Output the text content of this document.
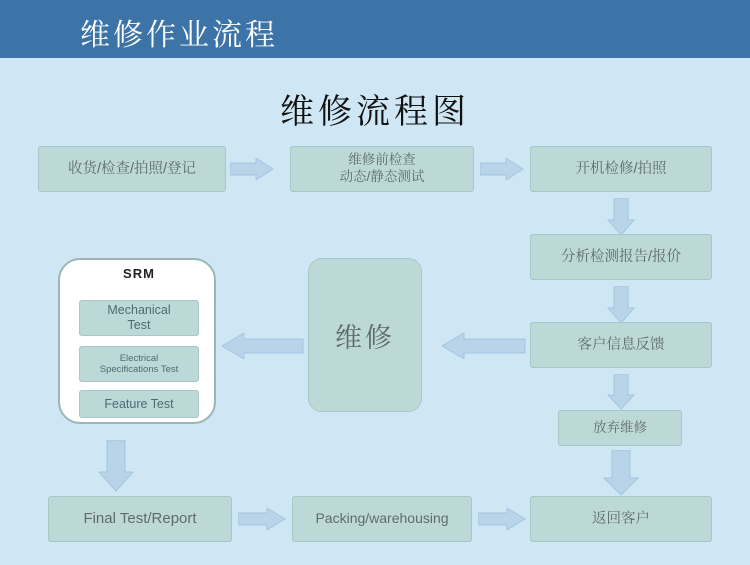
维修作业流程
维修流程图
收货/检查/拍照/登记
维修前检查
动态/静态测试	开机检修/拍照
分析检测报告/报价
客户信息反馈
放弃维修
维修
SRM
Mechanical
Test
Electrical
Specifications Test
Feature Test
Final Test/Report	Packing/warehousing	返回客户
